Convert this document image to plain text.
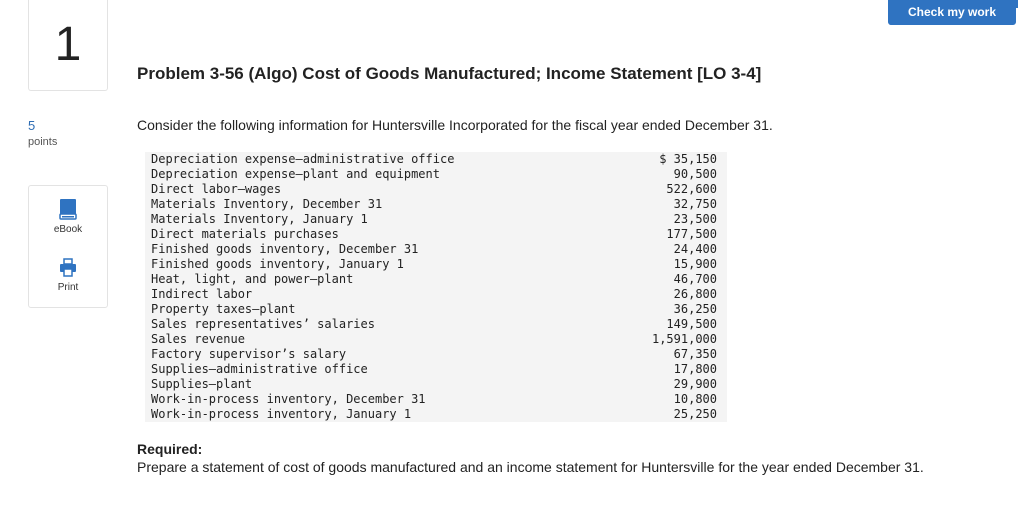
1
5
points
eBook
Print
Check my work
Problem 3-56 (Algo) Cost of Goods Manufactured; Income Statement [LO 3-4]
Consider the following information for Huntersville Incorporated for the fiscal year ended December 31.
Depreciation expense–administrative office	$ 35,150
Depreciation expense–plant and equipment	90,500
Direct labor–wages	522,600
Materials Inventory, December 31	32,750
Materials Inventory, January 1	23,500
Direct materials purchases	177,500
Finished goods inventory, December 31	24,400
Finished goods inventory, January 1	15,900
Heat, light, and power–plant	46,700
Indirect labor	26,800
Property taxes–plant	36,250
Sales representatives’ salaries	149,500
Sales revenue	1,591,000
Factory supervisor’s salary	67,350
Supplies–administrative office	17,800
Supplies–plant	29,900
Work-in-process inventory, December 31	10,800
Work-in-process inventory, January 1	25,250
Required:
Prepare a statement of cost of goods manufactured and an income statement for Huntersville for the year ended December 31.
